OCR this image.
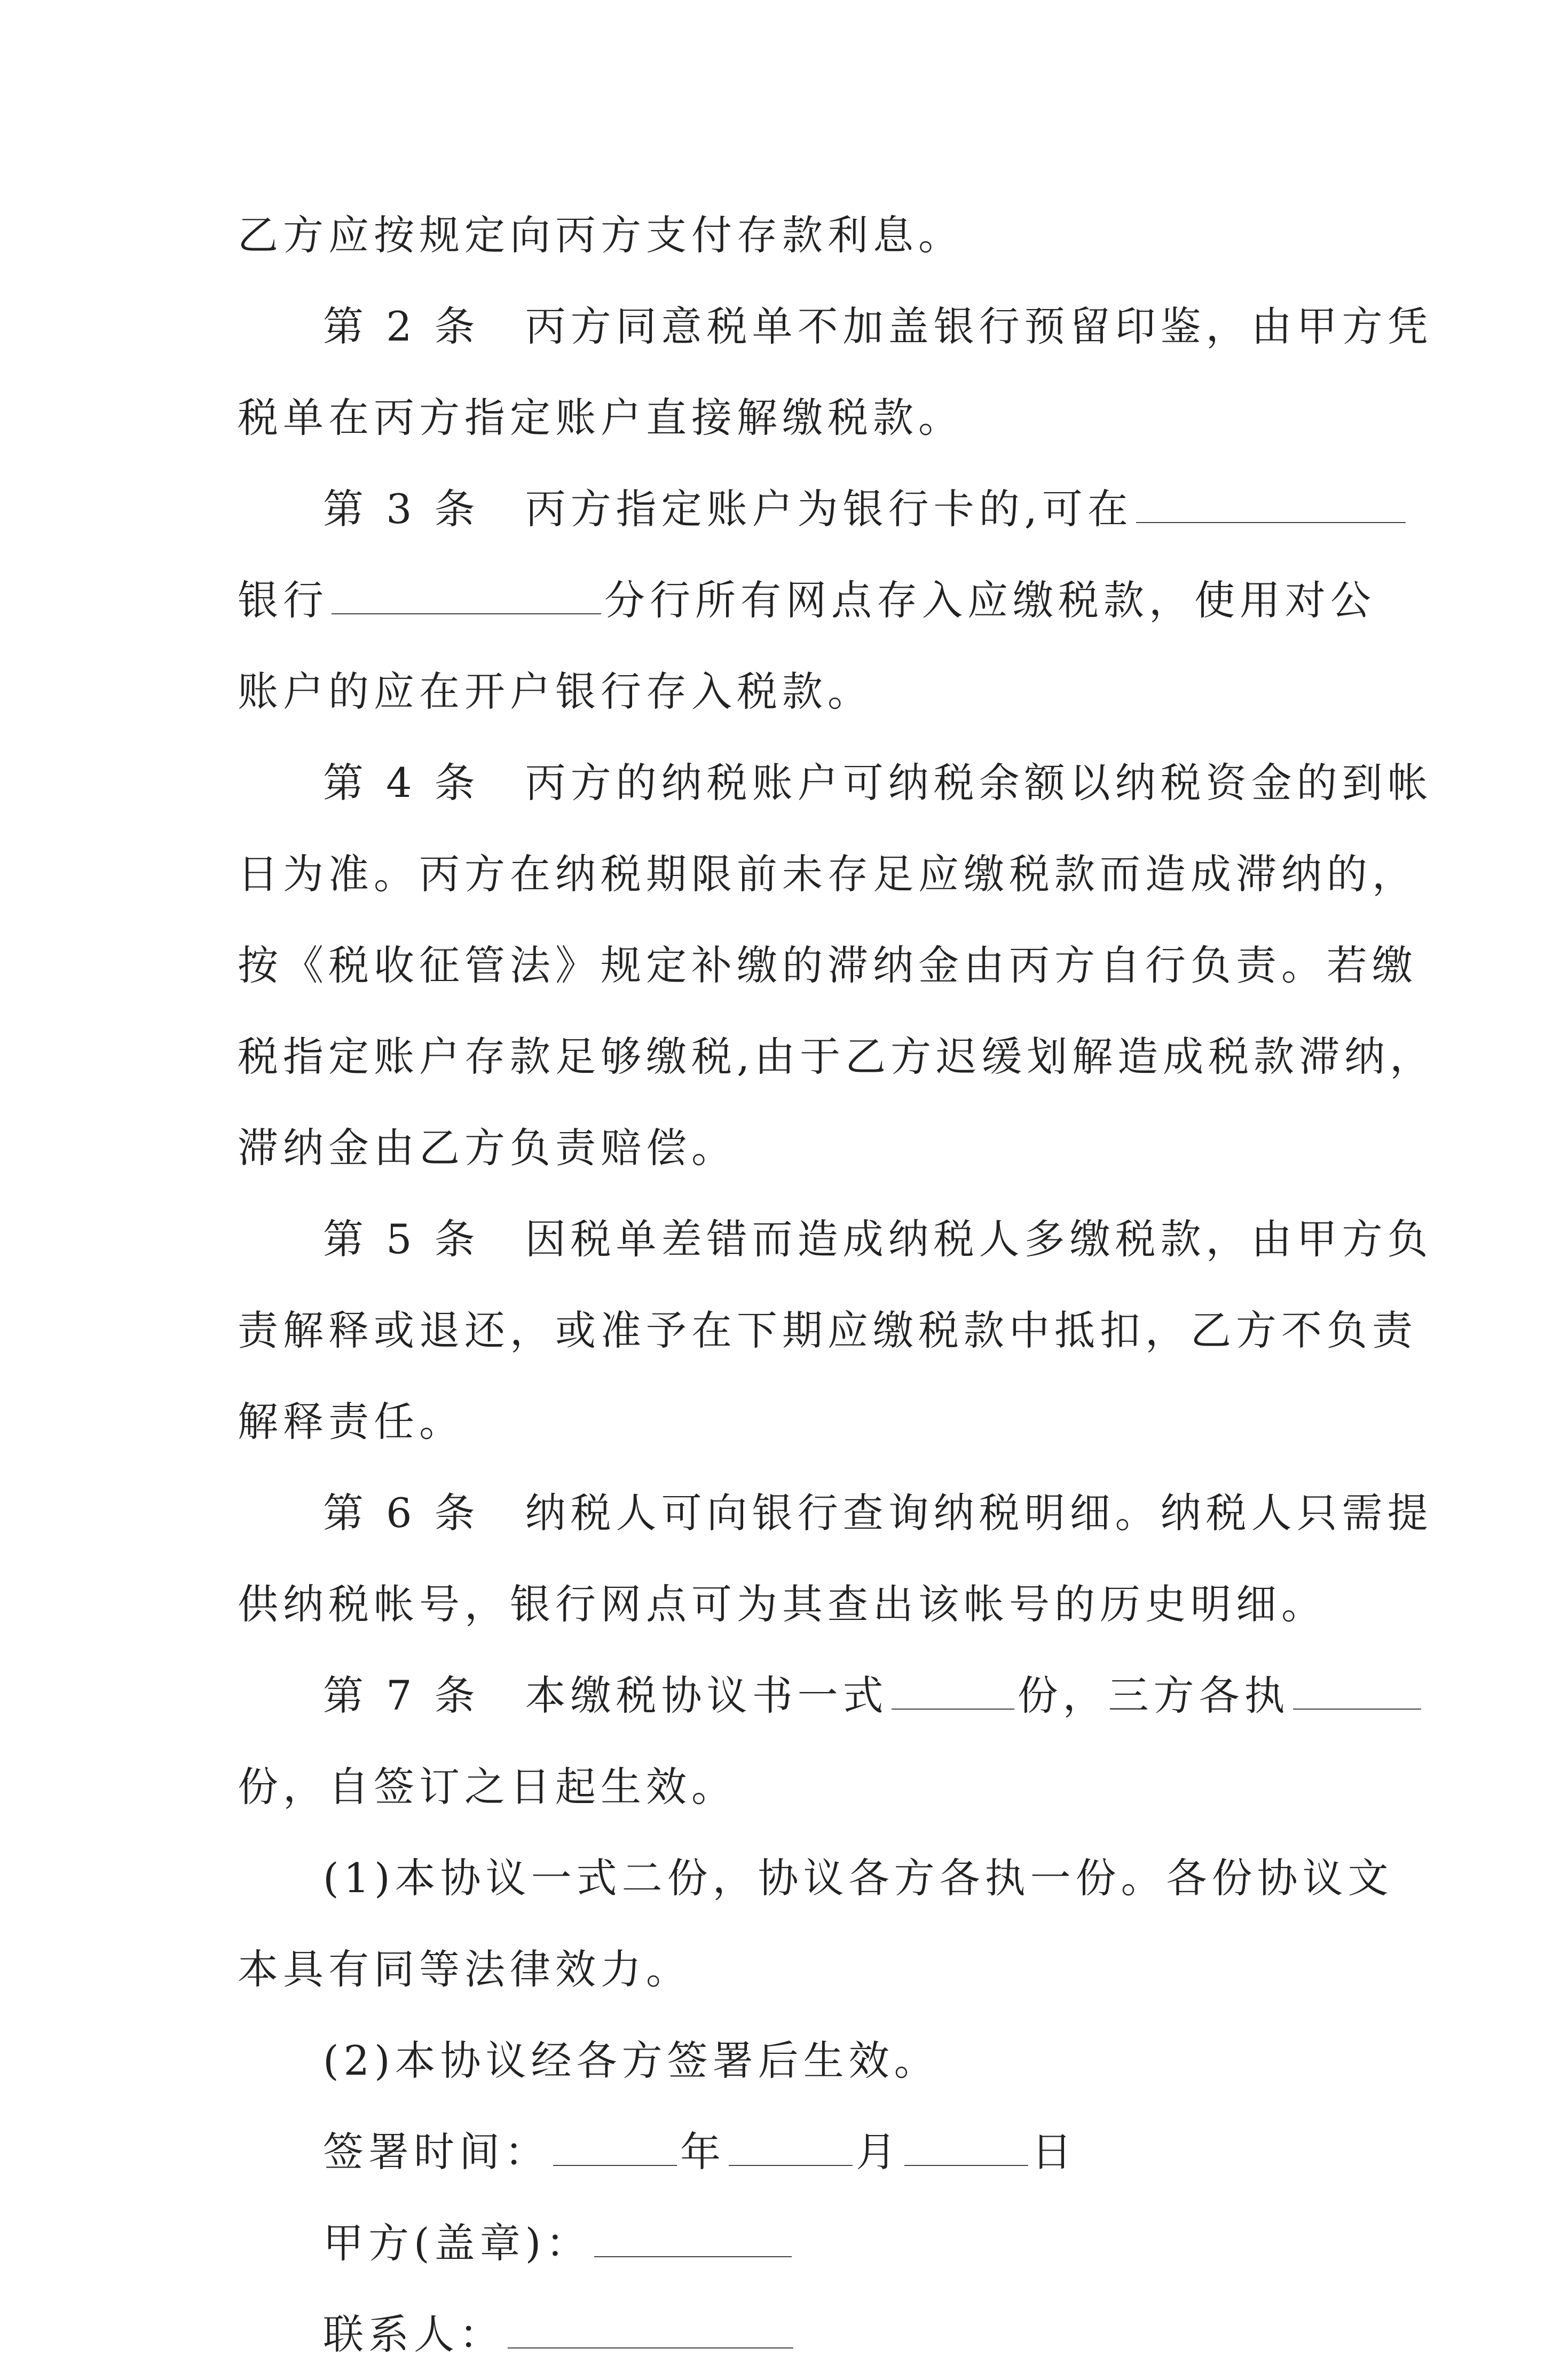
乙方应按规定向丙方支付存款利息。
第 2 条 丙方同意税单不加盖银行预留印鉴，由甲方凭
税单在丙方指定账户直接解缴税款。
第 3 条 丙方指定账户为银行卡的,可在
银行	分行所有网点存入应缴税款，使用对公
账户的应在开户银行存入税款。
第 4 条 丙方的纳税账户可纳税余额以纳税资金的到帐
日为准。丙方在纳税期限前未存足应缴税款而造成滞纳的，
按《税收征管法》规定补缴的滞纳金由丙方自行负责。若缴
税指定账户存款足够缴税,由于乙方迟缓划解造成税款滞纳，
滞纳金由乙方负责赔偿。
第 5 条 因税单差错而造成纳税人多缴税款，由甲方负
责解释或退还，或准予在下期应缴税款中抵扣，乙方不负责
解释责任。
第 6 条 纳税人可向银行查询纳税明细。纳税人只需提
供纳税帐号，银行网点可为其查出该帐号的历史明细。
第 7 条 本缴税协议书一式	份，三方各执
份，自签订之日起生效。
(1)本协议一式二份，协议各方各执一份。各份协议文
本具有同等法律效力。
(2)本协议经各方签署后生效。
签署时间：	年	月	日
甲方(盖章)：
联系人：
